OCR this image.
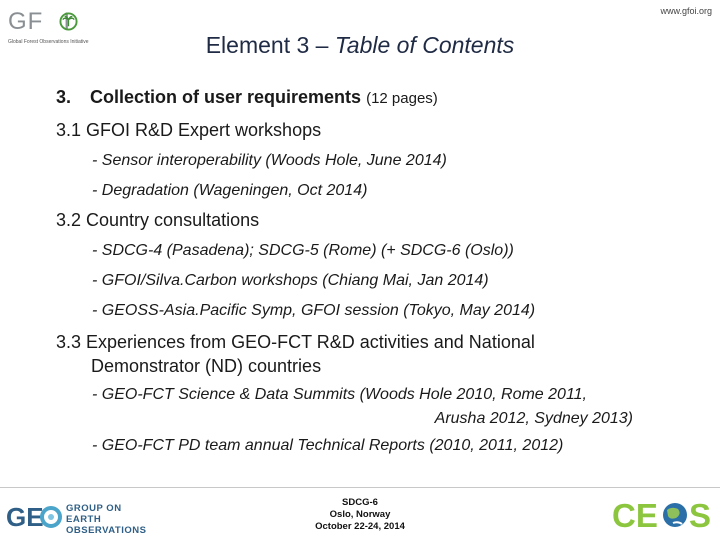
GF I
Global Forest Observations Initiative
www.gfoi.org
Element 3 – Table of Contents

3. Collection of user requirements (12 pages)

3.1 GFOI R&D Expert workshops

- Sensor interoperability (Woods Hole, June 2014)
- Degradation (Wageningen, Oct 2014)

3.2 Country consultations

- SDCG-4 (Pasadena); SDCG-5 (Rome) (+ SDCG-6 (Oslo))
- GFOI/Silva.Carbon workshops (Chiang Mai, Jan 2014)
- GEOSS-Asia.Pacific Symp, GFOI session (Tokyo, May 2014)

3.3 Experiences from GEO-FCT R&D activities and National

Demonstrator (ND) countries

- GEO-FCT Science & Data Summits (Woods Hole 2010, Rome 2011,
Arusha 2012, Sydney 2013)
- GEO-FCT PD team annual Technical Reports (2010, 2011, 2012)
GE GROUP ON
EARTH OBSERVATIONS
SDCG-6
Oslo, Norway
October 22-24, 2014	CE S
